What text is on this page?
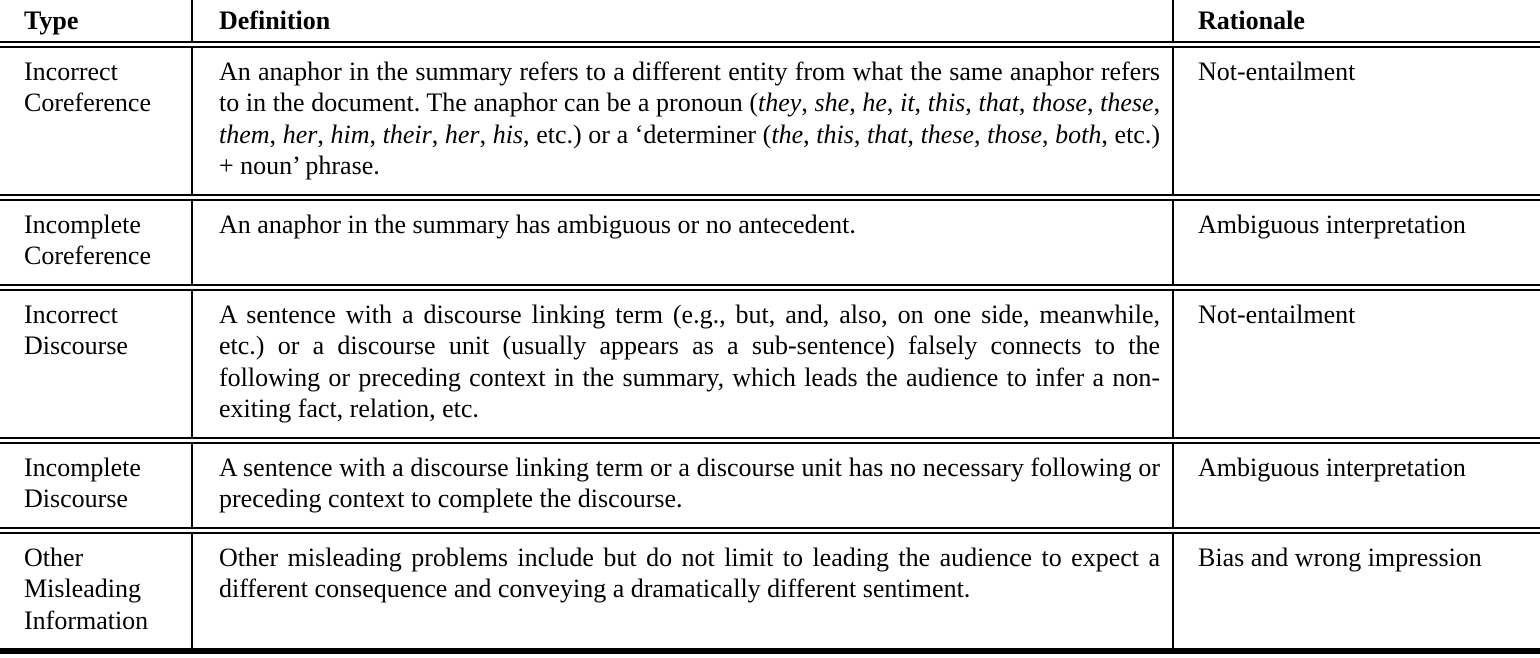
Type	Definition	Rationale
Incorrect Coreference	An anaphor in the summary refers to a different entity from what the same anaphor refers to in the document. The anaphor can be a pronoun (they, she, he, it, this, that, those, these, them, her, him, their, her, his, etc.) or a ‘determiner (the, this, that, these, those, both, etc.) + noun’ phrase.	Not-entailment
Incomplete Coreference	An anaphor in the summary has ambiguous or no antecedent.	Ambiguous interpretation
Incorrect Discourse	A sentence with a discourse linking term (e.g., but, and, also, on one side, meanwhile, etc.) or a discourse unit (usually appears as a sub-sentence) falsely connects to the following or preceding context in the summary, which leads the audience to infer a non-exiting fact, relation, etc.	Not-entailment
Incomplete Discourse	A sentence with a discourse linking term or a discourse unit has no necessary following or preceding context to complete the discourse.	Ambiguous interpretation
Other Misleading Information	Other misleading problems include but do not limit to leading the audience to expect a different consequence and conveying a dramatically different sentiment.	Bias and wrong impression
